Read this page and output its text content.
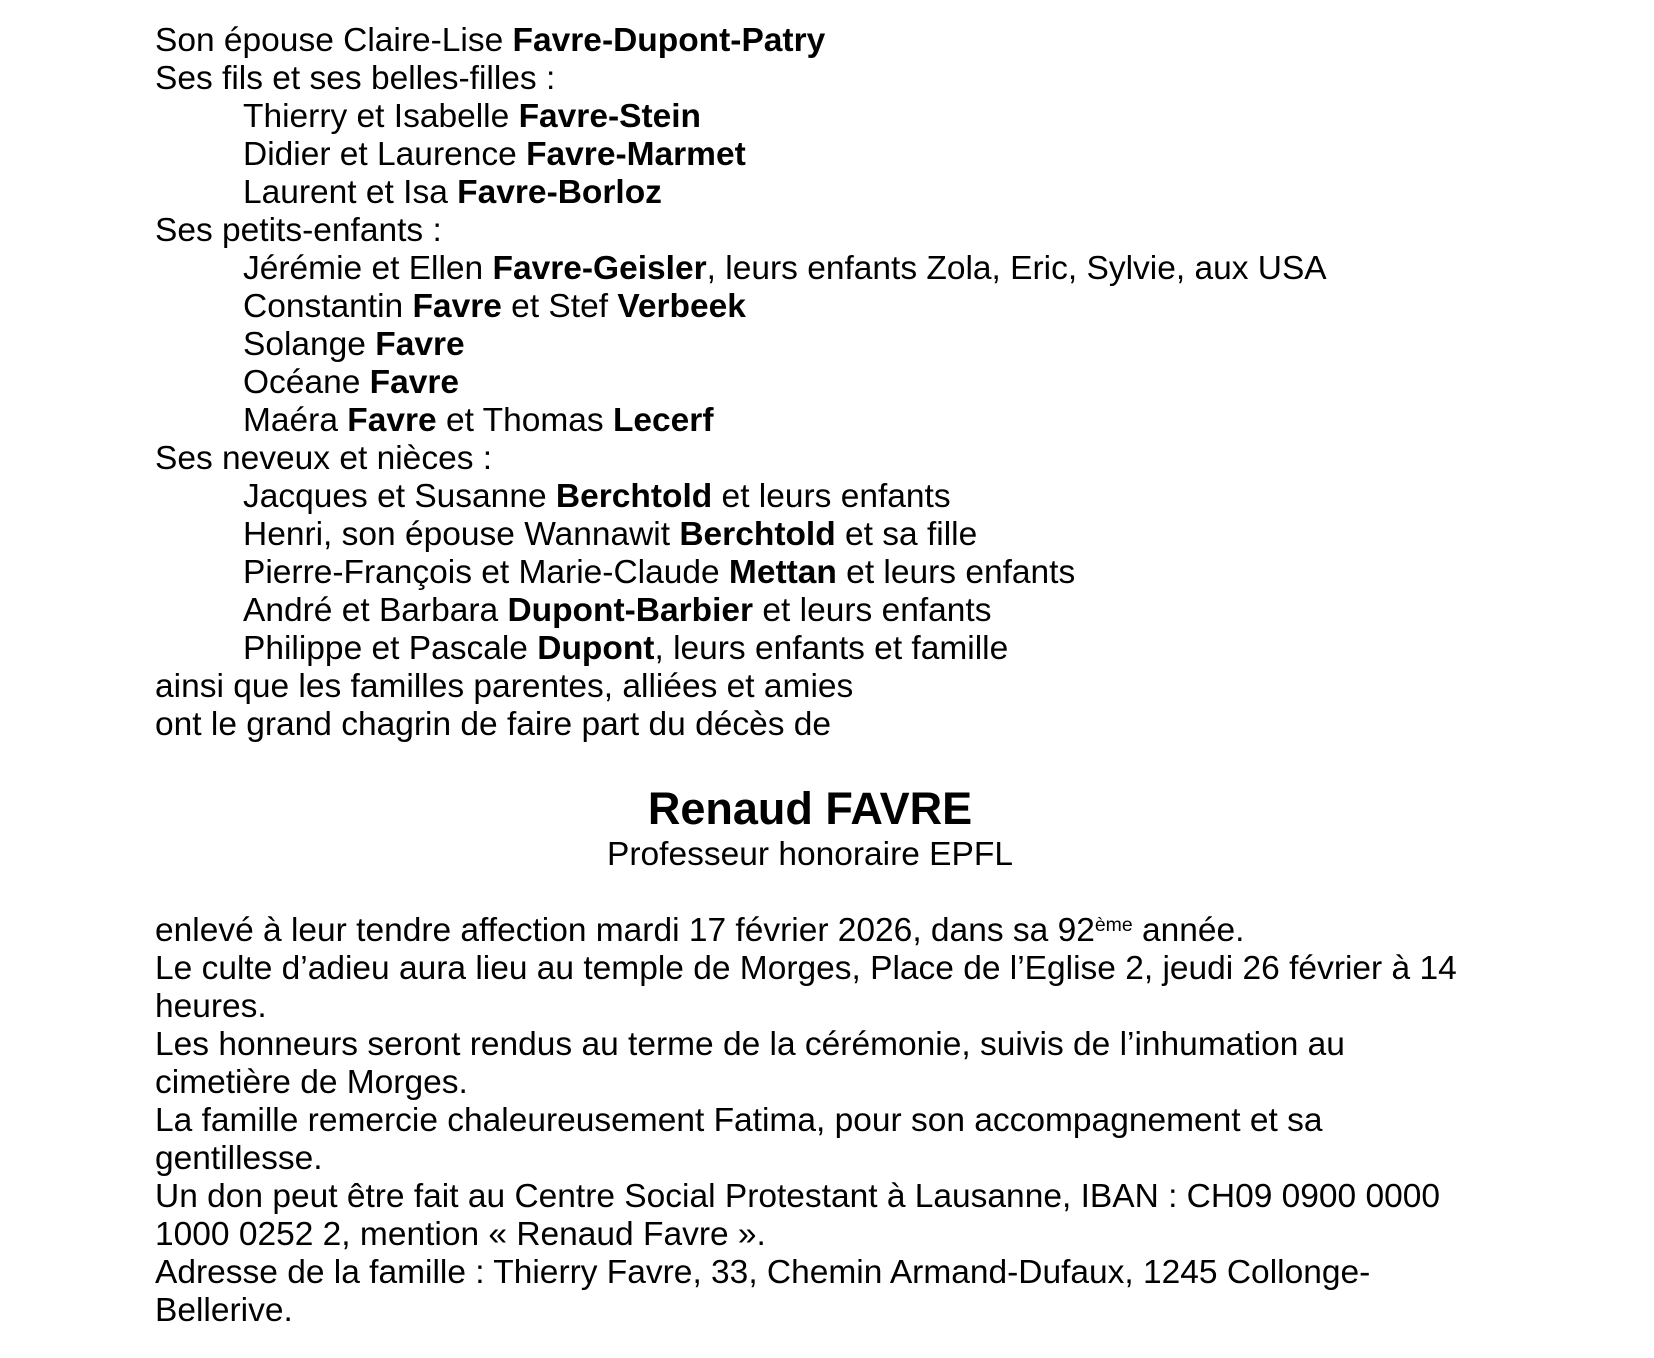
Son épouse Claire-Lise Favre-Dupont-Patry
Ses fils et ses belles-filles :
Thierry et Isabelle Favre-Stein
Didier et Laurence Favre-Marmet
Laurent et Isa Favre-Borloz
Ses petits-enfants :
Jérémie et Ellen Favre-Geisler, leurs enfants Zola, Eric, Sylvie, aux USA
Constantin Favre et Stef Verbeek
Solange Favre
Océane Favre
Maéra Favre et Thomas Lecerf
Ses neveux et nièces :
Jacques et Susanne Berchtold et leurs enfants
Henri, son épouse Wannawit Berchtold et sa fille
Pierre-François et Marie-Claude Mettan et leurs enfants
André et Barbara Dupont-Barbier et leurs enfants
Philippe et Pascale Dupont, leurs enfants et famille
ainsi que les familles parentes, alliées et amies
ont le grand chagrin de faire part du décès de
Renaud FAVRE
Professeur honoraire EPFL
enlevé à leur tendre affection mardi 17 février 2026, dans sa 92ème année.
Le culte d’adieu aura lieu au temple de Morges, Place de l’Eglise 2, jeudi 26 février à 14
heures.
Les honneurs seront rendus au terme de la cérémonie, suivis de l’inhumation au
cimetière de Morges.
La famille remercie chaleureusement Fatima, pour son accompagnement et sa
gentillesse.
Un don peut être fait au Centre Social Protestant à Lausanne, IBAN : CH09 0900 0000
1000 0252 2, mention « Renaud Favre ».
Adresse de la famille : Thierry Favre, 33, Chemin Armand-Dufaux, 1245 Collonge-
Bellerive.
